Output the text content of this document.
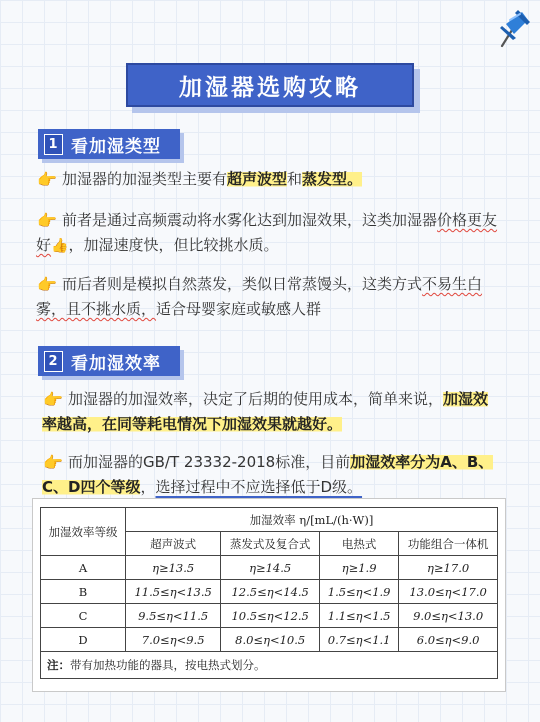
加湿器选购攻略
1 看加湿类型
👉 加湿器的加湿类型主要有超声波型和蒸发型。
👉 前者是通过高频震动将水雾化达到加湿效果，这类加湿器价格更友好👍，加湿速度快，但比较挑水质。
👉 而后者则是模拟自然蒸发，类似日常蒸馒头，这类方式不易生白雾，且不挑水质，适合母婴家庭或敏感人群
2 看加湿效率
👉 加湿器的加湿效率，决定了后期的使用成本，简单来说，加湿效率越高，在同等耗电情况下加湿效果就越好。
👉 而加湿器的GB/T 23332-2018标准，目前加湿效率分为A、B、C、D四个等级，选择过程中不应选择低于D级。
加湿效率等级	加湿效率 η/[mL/(h·W)]			
	超声波式	蒸发式及复合式	电热式	功能组合一体机
A	η≥13.5	η≥14.5	η≥1.9	η≥17.0
B	11.5≤η<13.5	12.5≤η<14.5	1.5≤η<1.9	13.0≤η<17.0
C	9.5≤η<11.5	10.5≤η<12.5	1.1≤η<1.5	9.0≤η<13.0
D	7.0≤η<9.5	8.0≤η<10.5	0.7≤η<1.1	6.0≤η<9.0
注：带有加热功能的器具，按电热式划分。				
